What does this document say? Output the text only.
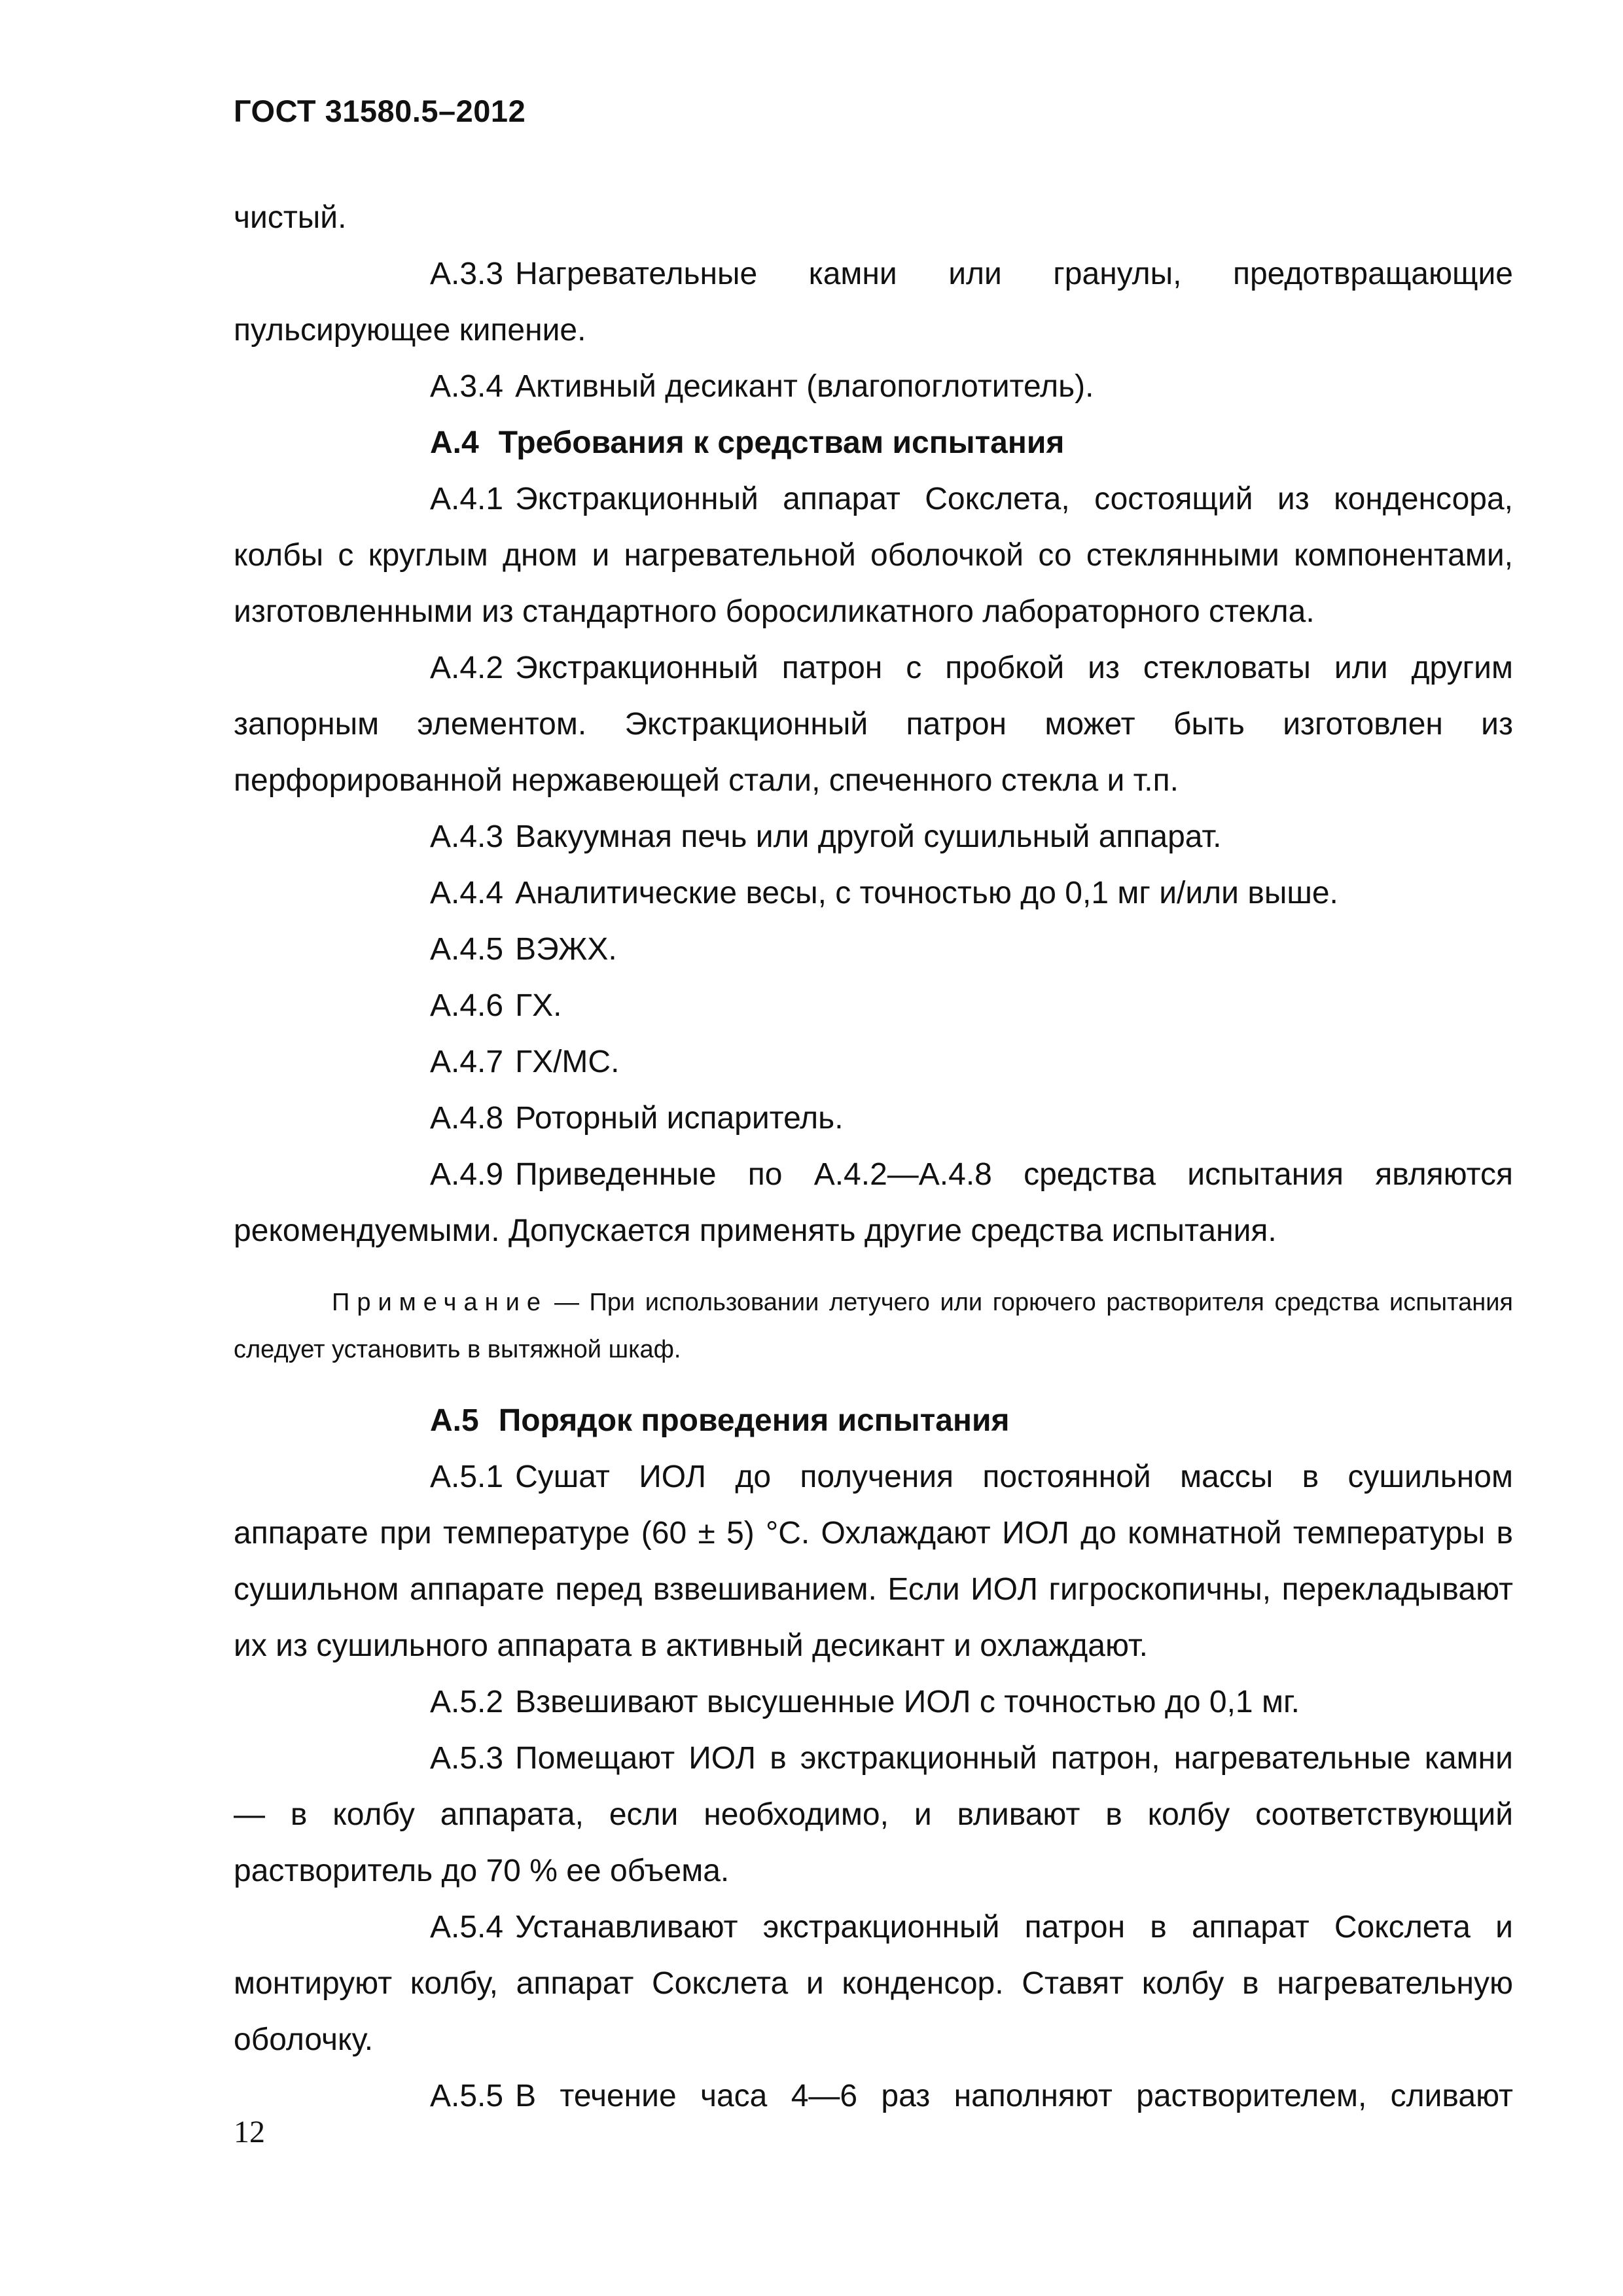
ГОСТ 31580.5–2012

чистый.

А.3.3 Нагревательные камни или гранулы, предотвращающие пульсирующее кипение.

А.3.4 Активный десикант (влагопоглотитель).

А.4 Требования к средствам испытания

А.4.1 Экстракционный аппарат Сокслета, состоящий из конденсора, колбы с круглым дном и нагревательной оболочкой со стеклянными компонентами, изготовленными из стандартного боросиликатного лабораторного стекла.

А.4.2 Экстракционный патрон с пробкой из стекловаты или другим запорным элементом. Экстракционный патрон может быть изготовлен из перфорированной нержавеющей стали, спеченного стекла и т.п.

А.4.3 Вакуумная печь или другой сушильный аппарат.

А.4.4 Аналитические весы, с точностью до 0,1 мг и/или выше.

А.4.5 ВЭЖХ.

А.4.6 ГХ.

А.4.7 ГХ/МС.

А.4.8 Роторный испаритель.

А.4.9 Приведенные по А.4.2—А.4.8 средства испытания являются рекомендуемыми. Допускается применять другие средства испытания.

Примечание — При использовании летучего или горючего растворителя средства испытания следует установить в вытяжной шкаф.

А.5 Порядок проведения испытания

А.5.1 Сушат ИОЛ до получения постоянной массы в сушильном аппарате при температуре (60 ± 5) °С. Охлаждают ИОЛ до комнатной температуры в сушильном аппарате перед взвешиванием. Если ИОЛ гигроскопичны, перекладывают их из сушильного аппарата в активный десикант и охлаждают.

А.5.2 Взвешивают высушенные ИОЛ с точностью до 0,1 мг.

А.5.3 Помещают ИОЛ в экстракционный патрон, нагревательные камни — в колбу аппарата, если необходимо, и вливают в колбу соответствующий растворитель до 70 % ее объема.

А.5.4 Устанавливают экстракционный патрон в аппарат Сокслета и монтируют колбу, аппарат Сокслета и конденсор. Ставят колбу в нагревательную оболочку.

А.5.5 В течение часа 4—6 раз наполняют растворителем, сливают

12
